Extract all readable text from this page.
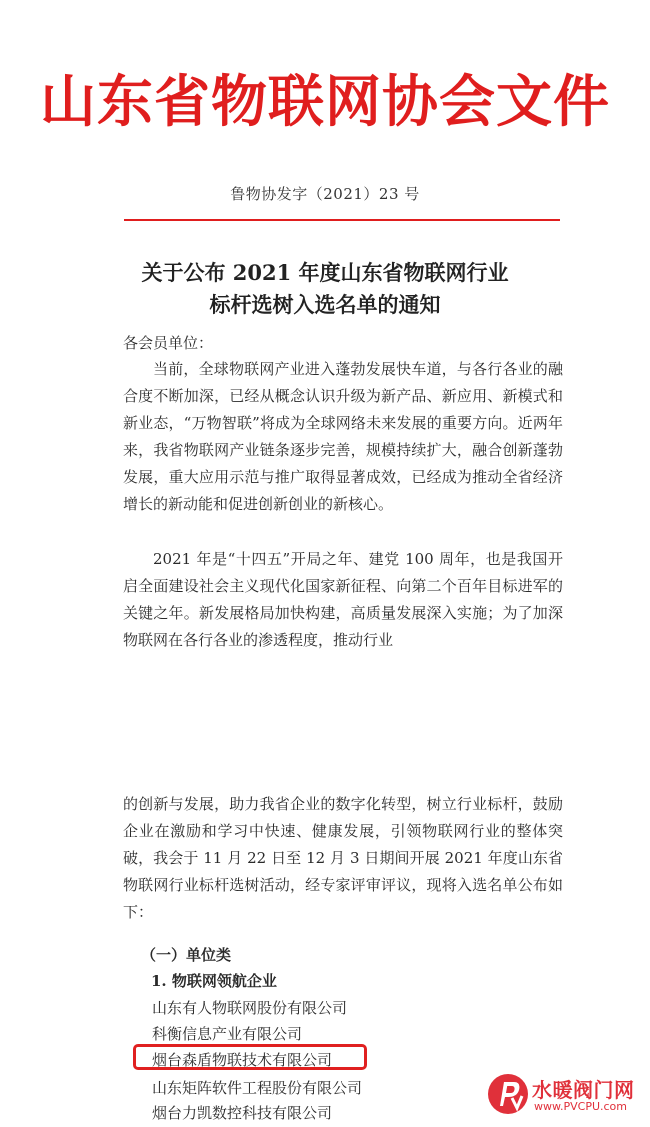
山东省物联网协会文件
鲁物协发字（2021）23 号
关于公布 2021 年度山东省物联网行业
标杆选树入选名单的通知
各会员单位：
当前，全球物联网产业进入蓬勃发展快车道，与各行各业的融合度不断加深，已经从概念认识升级为新产品、新应用、新模式和新业态，“万物智联”将成为全球网络未来发展的重要方向。近两年来，我省物联网产业链条逐步完善，规模持续扩大，融合创新蓬勃发展，重大应用示范与推广取得显著成效，已经成为推动全省经济增长的新动能和促进创新创业的新核心。
2021 年是“十四五”开局之年、建党 100 周年，也是我国开启全面建设社会主义现代化国家新征程、向第二个百年目标进军的关键之年。新发展格局加快构建，高质量发展深入实施；为了加深物联网在各行各业的渗透程度，推动行业
的创新与发展，助力我省企业的数字化转型，树立行业标杆，鼓励企业在激励和学习中快速、健康发展，引领物联网行业的整体突破，我会于 11 月 22 日至 12 月 3 日期间开展 2021 年度山东省物联网行业标杆选树活动，经专家评审评议，现将入选名单公布如下：
（一）单位类
1. 物联网领航企业
山东有人物联网股份有限公司
科衡信息产业有限公司
烟台森盾物联技术有限公司
山东矩阵软件工程股份有限公司
烟台力凯数控科技有限公司
水暖阀门网
www.PVCPU.com
